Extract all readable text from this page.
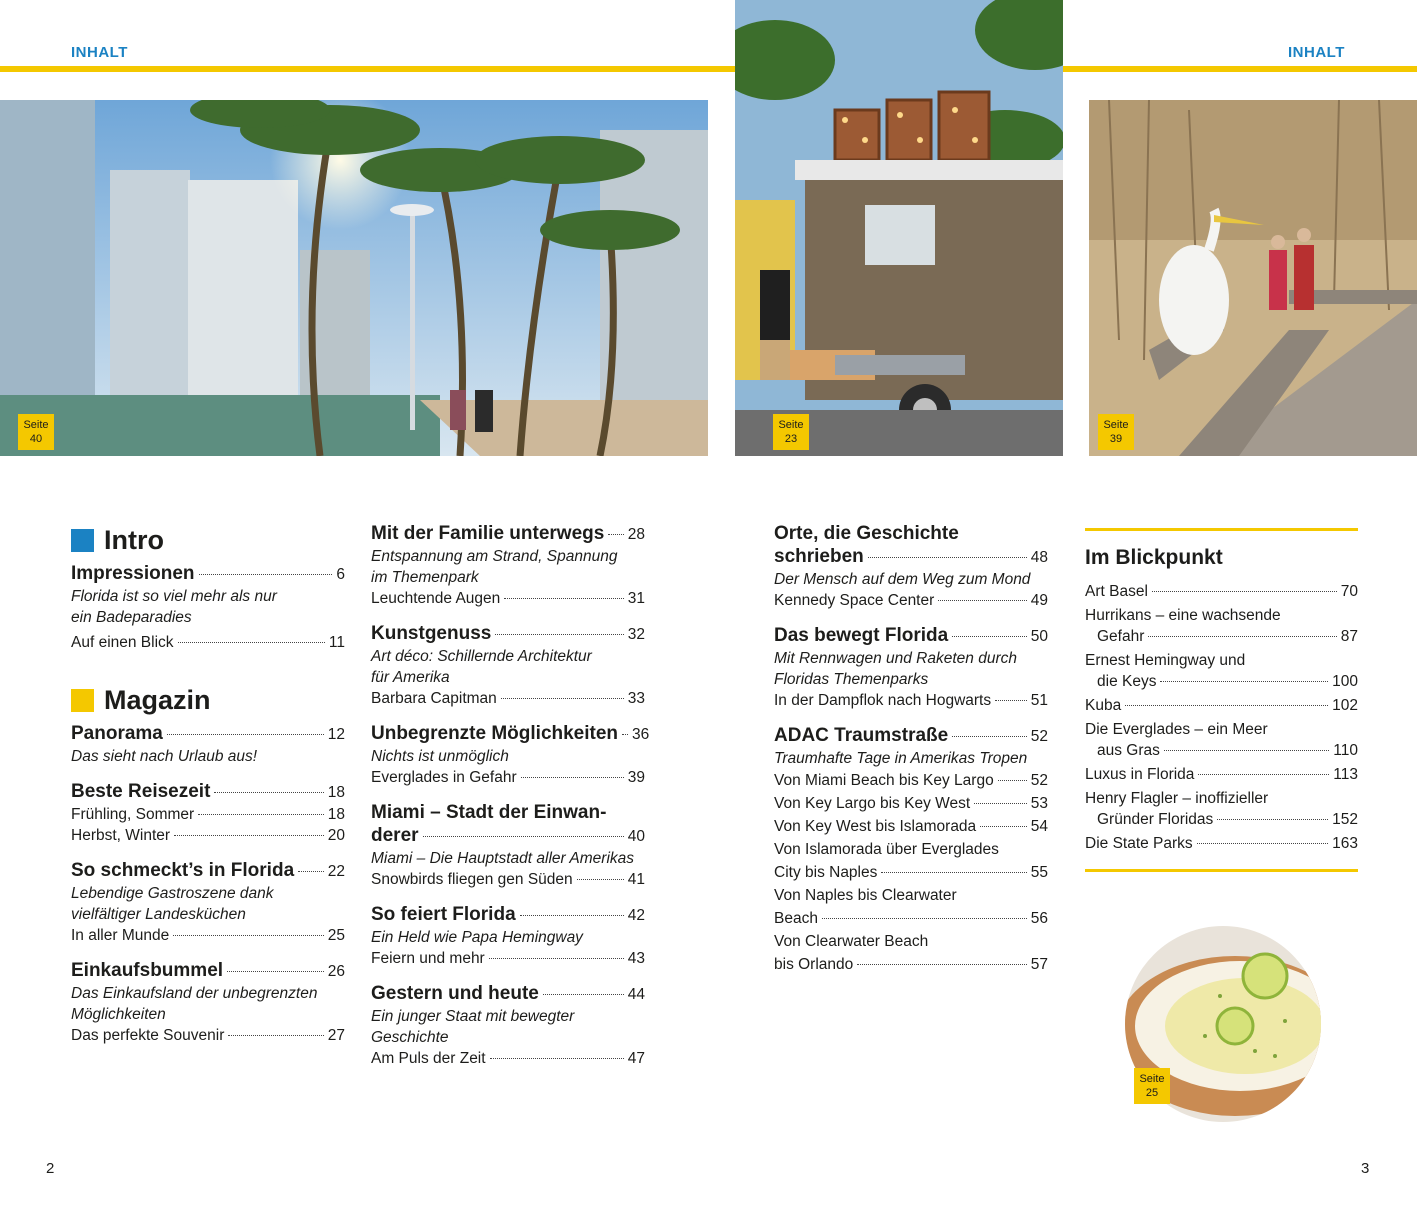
INHALT	INHALT
Seite
40
Seite
23
Seite
39
Intro
Impressionen	6
Florida ist so viel mehr als nur
ein Badeparadies
Auf einen Blick	11
Magazin
Panorama	12
Das sieht nach Urlaub aus!
Beste Reisezeit	18
Frühling, Sommer	18
Herbst, Winter	20
So schmeckt’s in Florida 22
Lebendige Gastroszene dank
vielfältiger Landesküchen
In aller Munde	25
Einkaufsbummel	26
Das Einkaufsland der unbegrenzten
Möglichkeiten
Das perfekte Souvenir	27
Mit der Familie unterwegs 28
Entspannung am Strand, Spannung
im Themenpark
Leuchtende Augen	31
Kunstgenuss	32
Art déco: Schillernde Architektur
für Amerika
Barbara Capitman	33
Unbegrenzte Möglichkeiten 36
Nichts ist unmöglich
Everglades in Gefahr	39
Miami – Stadt der Einwan-
derer	40
Miami – Die Hauptstadt aller Amerikas
Snowbirds fliegen gen Süden	41
So feiert Florida	42
Ein Held wie Papa Hemingway
Feiern und mehr	43
Gestern und heute	44
Ein junger Staat mit bewegter
Geschichte
Am Puls der Zeit	47
Orte, die Geschichte
schrieben	48
Der Mensch auf dem Weg zum Mond
Kennedy Space Center	49
Das bewegt Florida	50
Mit Rennwagen und Raketen durch
Floridas Themenparks
In der Dampflok nach Hogwarts	51
ADAC Traumstraße	52
Traumhafte Tage in Amerikas Tropen
Von Miami Beach bis Key Largo 52
Von Key Largo bis Key West	53
Von Key West bis Islamorada	54
Von Islamorada über Everglades
City bis Naples	55
Von Naples bis Clearwater
Beach	56
Von Clearwater Beach
bis Orlando	57
Im Blickpunkt
Art Basel	70
Hurrikans – eine wachsende
Gefahr	87
Ernest Hemingway und
die Keys	100
Kuba	102
Die Everglades – ein Meer
aus Gras	110
Luxus in Florida	113
Henry Flagler – inoffizieller
Gründer Floridas	152
Die State Parks	163
Seite
25
2	3
